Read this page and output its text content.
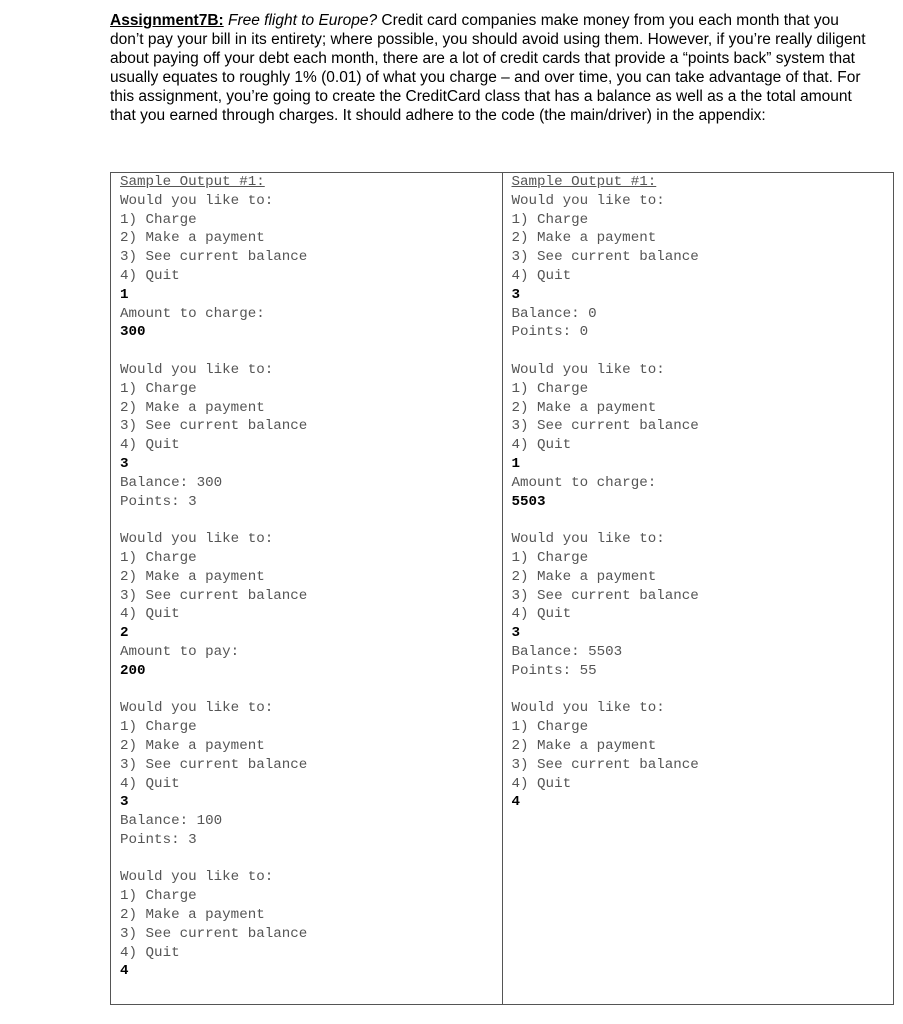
Assignment7B: Free flight to Europe? Credit card companies make money from you each month that you don’t pay your bill in its entirety; where possible, you should avoid using them. However, if you’re really diligent about paying off your debt each month, there are a lot of credit cards that provide a “points back” system that usually equates to roughly 1% (0.01) of what you charge – and over time, you can take advantage of that. For this assignment, you’re going to create the CreditCard class that has a balance as well as a the total amount that you earned through charges. It should adhere to the code (the main/driver) in the appendix:

Sample Output #1:
Would you like to:
1) Charge
2) Make a payment
3) See current balance
4) Quit
1
Amount to charge:
300
Would you like to:
1) Charge
2) Make a payment
3) See current balance
4) Quit
3
Balance: 300
Points: 3
Would you like to:
1) Charge
2) Make a payment
3) See current balance
4) Quit
2
Amount to pay:
200
Would you like to:
1) Charge
2) Make a payment
3) See current balance
4) Quit
3
Balance: 100
Points: 3
Would you like to:
1) Charge
2) Make a payment
3) See current balance
4) Quit
4

Sample Output #1:
Would you like to:
1) Charge
2) Make a payment
3) See current balance
4) Quit
3
Balance: 0
Points: 0
Would you like to:
1) Charge
2) Make a payment
3) See current balance
4) Quit
1
Amount to charge:
5503
Would you like to:
1) Charge
2) Make a payment
3) See current balance
4) Quit
3
Balance: 5503
Points: 55
Would you like to:
1) Charge
2) Make a payment
3) See current balance
4) Quit
4
